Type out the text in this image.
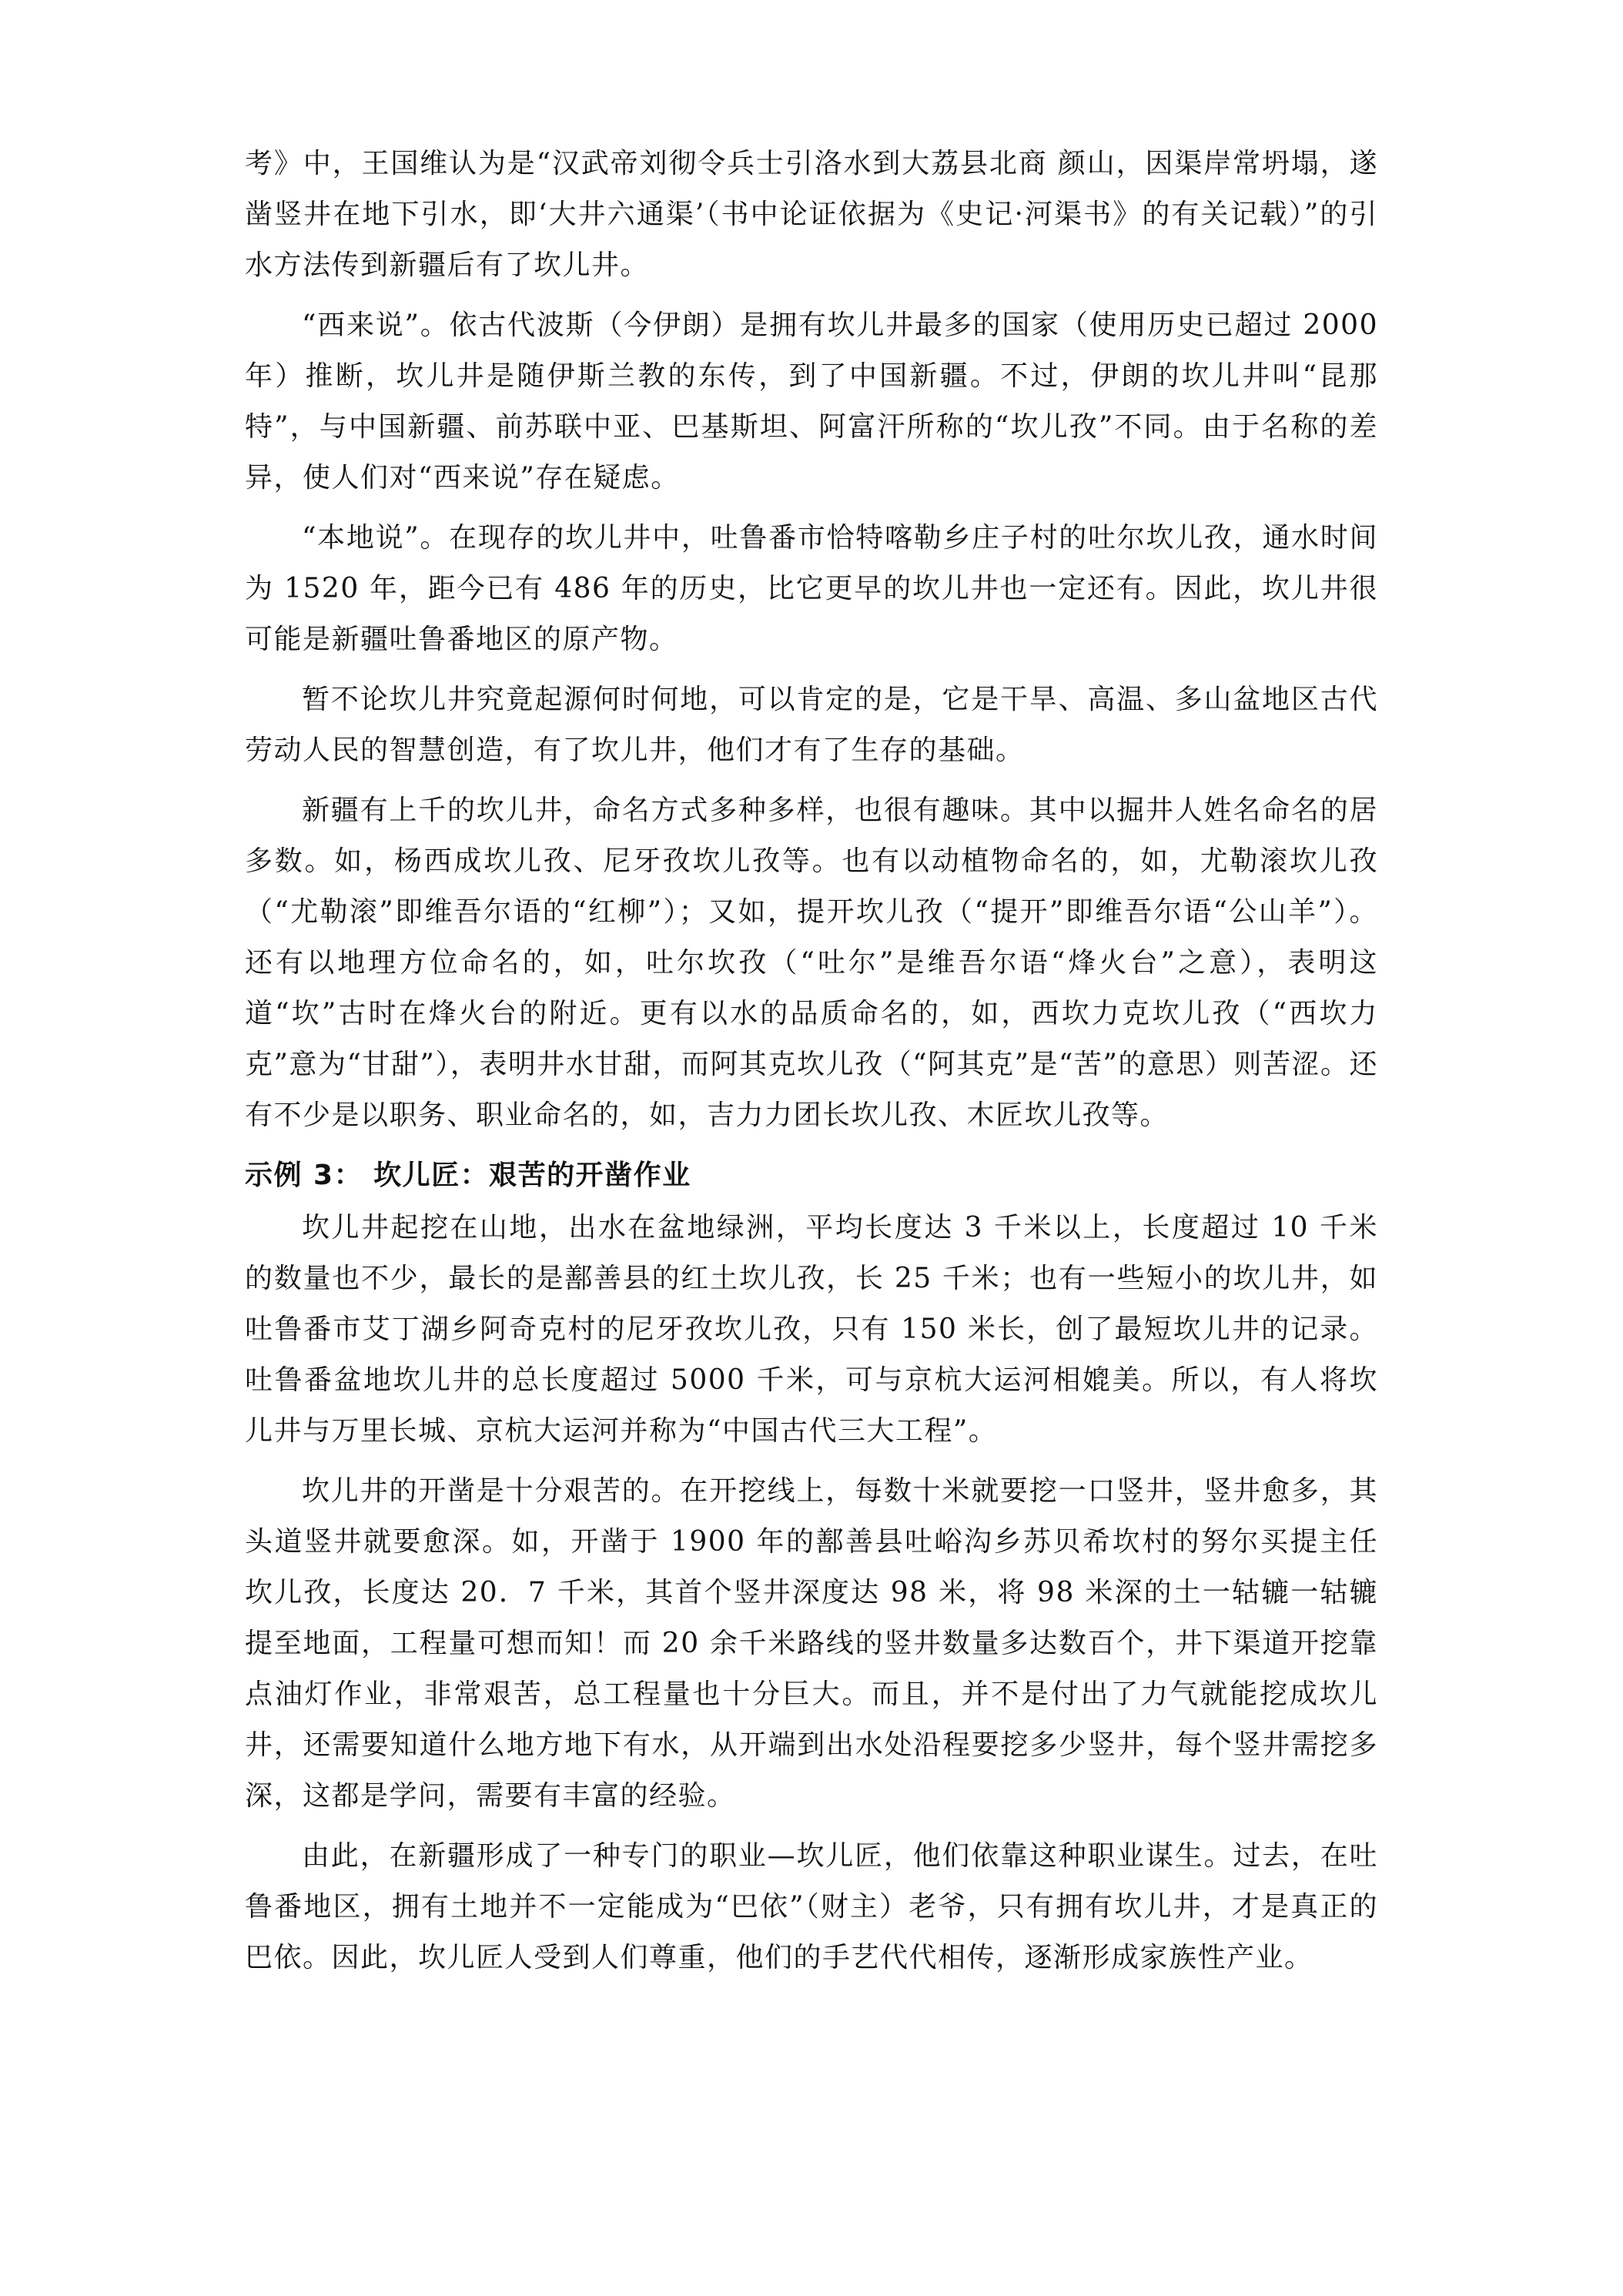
考》中，王国维认为是“汉武帝刘彻令兵士引洛水到大荔县北商 颜山，因渠岸常坍塌，遂凿竖井在地下引水，即‘大井六通渠’（书中论证依据为《史记·河渠书》的有关记载）”的引水方法传到新疆后有了坎儿井。

“西来说”。依古代波斯（今伊朗）是拥有坎儿井最多的国家（使用历史已超过 2000 年）推断，坎儿井是随伊斯兰教的东传，到了中国新疆。不过，伊朗的坎儿井叫“昆那特”，与中国新疆、前苏联中亚、巴基斯坦、阿富汗所称的“坎儿孜”不同。由于名称的差异，使人们对“西来说”存在疑虑。

“本地说”。在现存的坎儿井中，吐鲁番市恰特喀勒乡庄子村的吐尔坎儿孜，通水时间为 1520 年，距今已有 486 年的历史，比它更早的坎儿井也一定还有。因此，坎儿井很可能是新疆吐鲁番地区的原产物。

暂不论坎儿井究竟起源何时何地，可以肯定的是，它是干旱、高温、多山盆地区古代劳动人民的智慧创造，有了坎儿井，他们才有了生存的基础。

新疆有上千的坎儿井，命名方式多种多样，也很有趣味。其中以掘井人姓名命名的居多数。如，杨西成坎儿孜、尼牙孜坎儿孜等。也有以动植物命名的，如，尤勒滚坎儿孜（“尤勒滚”即维吾尔语的“红柳”）；又如，提开坎儿孜（“提开”即维吾尔语“公山羊”）。还有以地理方位命名的，如，吐尔坎孜（“吐尔”是维吾尔语“烽火台”之意），表明这道“坎”古时在烽火台的附近。更有以水的品质命名的，如，西坎力克坎儿孜（“西坎力克”意为“甘甜”），表明井水甘甜，而阿其克坎儿孜（“阿其克”是“苦”的意思）则苦涩。还有不少是以职务、职业命名的，如，吉力力团长坎儿孜、木匠坎儿孜等。

示例 3： 坎儿匠：艰苦的开凿作业

坎儿井起挖在山地，出水在盆地绿洲，平均长度达 3 千米以上，长度超过 10 千米的数量也不少，最长的是鄯善县的红土坎儿孜，长 25 千米；也有一些短小的坎儿井，如吐鲁番市艾丁湖乡阿奇克村的尼牙孜坎儿孜，只有 150 米长，创了最短坎儿井的记录。吐鲁番盆地坎儿井的总长度超过 5000 千米，可与京杭大运河相媲美。所以，有人将坎儿井与万里长城、京杭大运河并称为“中国古代三大工程”。

坎儿井的开凿是十分艰苦的。在开挖线上，每数十米就要挖一口竖井，竖井愈多，其头道竖井就要愈深。如，开凿于 1900 年的鄯善县吐峪沟乡苏贝希坎村的努尔买提主任坎儿孜，长度达 20．7 千米，其首个竖井深度达 98 米，将 98 米深的土一轱辘一轱辘提至地面，工程量可想而知！而 20 余千米路线的竖井数量多达数百个，井下渠道开挖靠点油灯作业，非常艰苦，总工程量也十分巨大。而且，并不是付出了力气就能挖成坎儿井，还需要知道什么地方地下有水，从开端到出水处沿程要挖多少竖井，每个竖井需挖多深，这都是学问，需要有丰富的经验。

由此，在新疆形成了一种专门的职业—坎儿匠，他们依靠这种职业谋生。过去，在吐鲁番地区，拥有土地并不一定能成为“巴依”（财主）老爷，只有拥有坎儿井，才是真正的巴依。因此，坎儿匠人受到人们尊重，他们的手艺代代相传，逐渐形成家族性产业。
